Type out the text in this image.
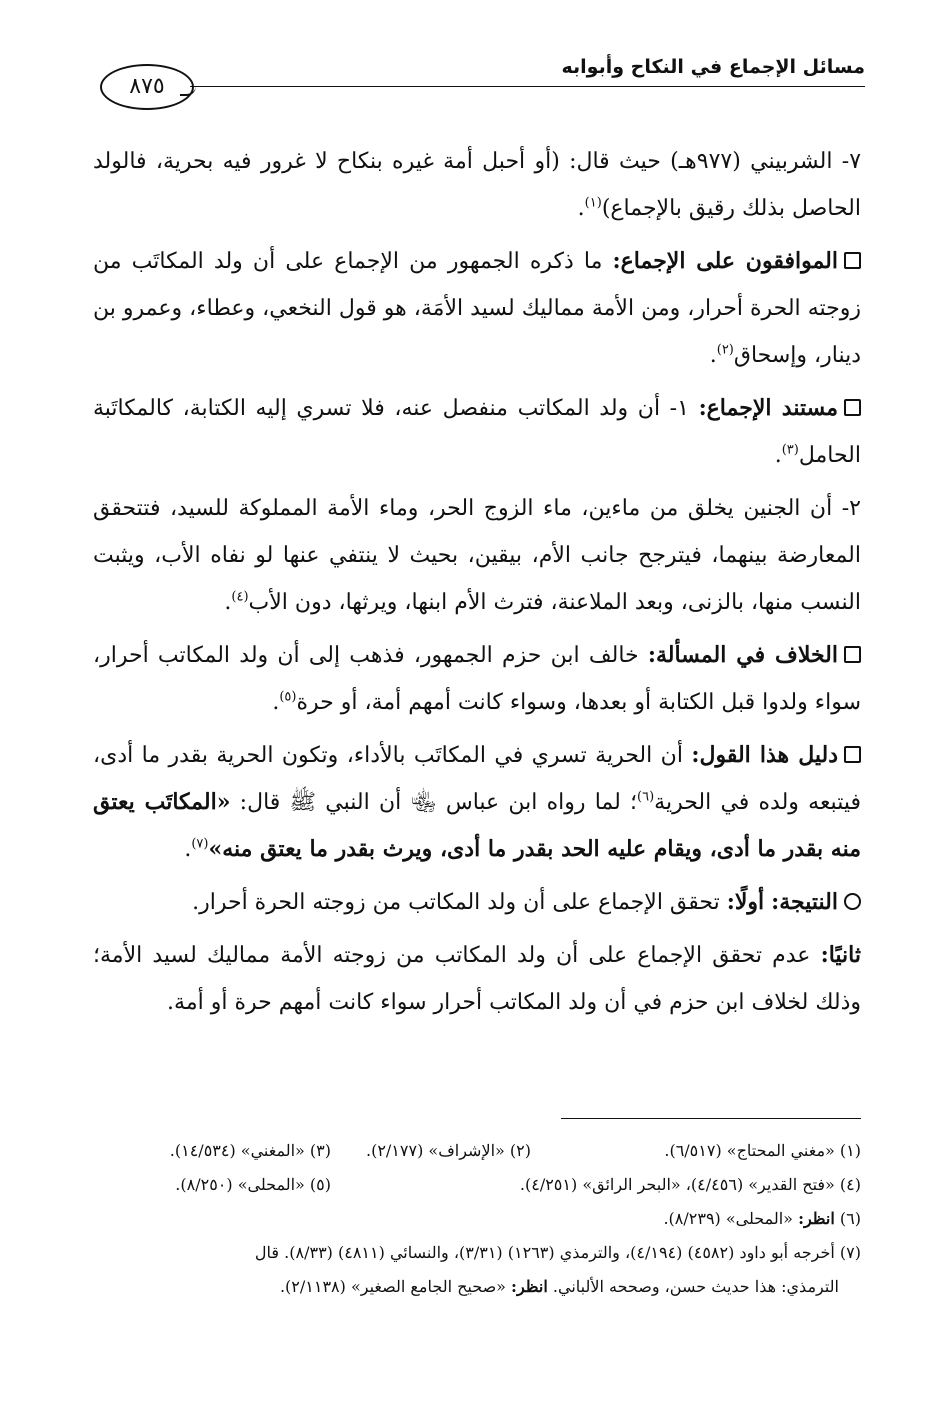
مسائل الإجماع في النكاح وأبوابه
٨٧٥

٧- الشربيني (٩٧٧هـ) حيث قال: (أو أحبل أمة غيره بنكاح لا غرور فيه بحرية، فالولد الحاصل بذلك رقيق بالإجماع)$^{(١)}$.

الموافقون على الإجماع: ما ذكره الجمهور من الإجماع على أن ولد المكاتَب من زوجته الحرة أحرار، ومن الأمة مماليك لسيد الأمَة، هو قول النخعي، وعطاء، وعمرو بن دينار، وإسحاق$^{(٢)}$.

مستند الإجماع: ١- أن ولد المكاتب منفصل عنه، فلا تسري إليه الكتابة، كالمكاتَبة الحامل$^{(٣)}$.

٢- أن الجنين يخلق من ماءين، ماء الزوج الحر، وماء الأمة المملوكة للسيد، فتتحقق المعارضة بينهما، فيترجح جانب الأم، بيقين، بحيث لا ينتفي عنها لو نفاه الأب، ويثبت النسب منها، بالزنى، وبعد الملاعنة، فترث الأم ابنها، ويرثها، دون الأب$^{(٤)}$.

الخلاف في المسألة: خالف ابن حزم الجمهور، فذهب إلى أن ولد المكاتب أحرار، سواء ولدوا قبل الكتابة أو بعدها، وسواء كانت أمهم أمة، أو حرة$^{(٥)}$.

دليل هذا القول: أن الحرية تسري في المكاتَب بالأداء، وتكون الحرية بقدر ما أدى، فيتبعه ولده في الحرية$^{(٦)}$؛ لما رواه ابن عباس ﵄ أن النبي ﷺ قال: «المكاتَب يعتق منه بقدر ما أدى، ويقام عليه الحد بقدر ما أدى، ويرث بقدر ما يعتق منه»$^{(٧)}$.

النتيجة: أولًا: تحقق الإجماع على أن ولد المكاتب من زوجته الحرة أحرار.

ثانيًا: عدم تحقق الإجماع على أن ولد المكاتب من زوجته الأمة مماليك لسيد الأمة؛ وذلك لخلاف ابن حزم في أن ولد المكاتب أحرار سواء كانت أمهم حرة أو أمة.

(١) «مغني المحتاج» (٦/٥١٧).
(٢) «الإشراف» (٢/١٧٧).
(٣) «المغني» (١٤/٥٣٤).
(٤) «فتح القدير» (٤/٤٥٦)، «البحر الرائق» (٤/٢٥١).
(٥) «المحلى» (٨/٢٥٠).
(٦) انظر: «المحلى» (٨/٢٣٩).
(٧) أخرجه أبو داود (٤٥٨٢) (٤/١٩٤)، والترمذي (١٢٦٣) (٣/٣١)، والنسائي (٤٨١١) (٨/٣٣). قال
الترمذي: هذا حديث حسن، وصححه الألباني. انظر: «صحيح الجامع الصغير» (٢/١١٣٨).
